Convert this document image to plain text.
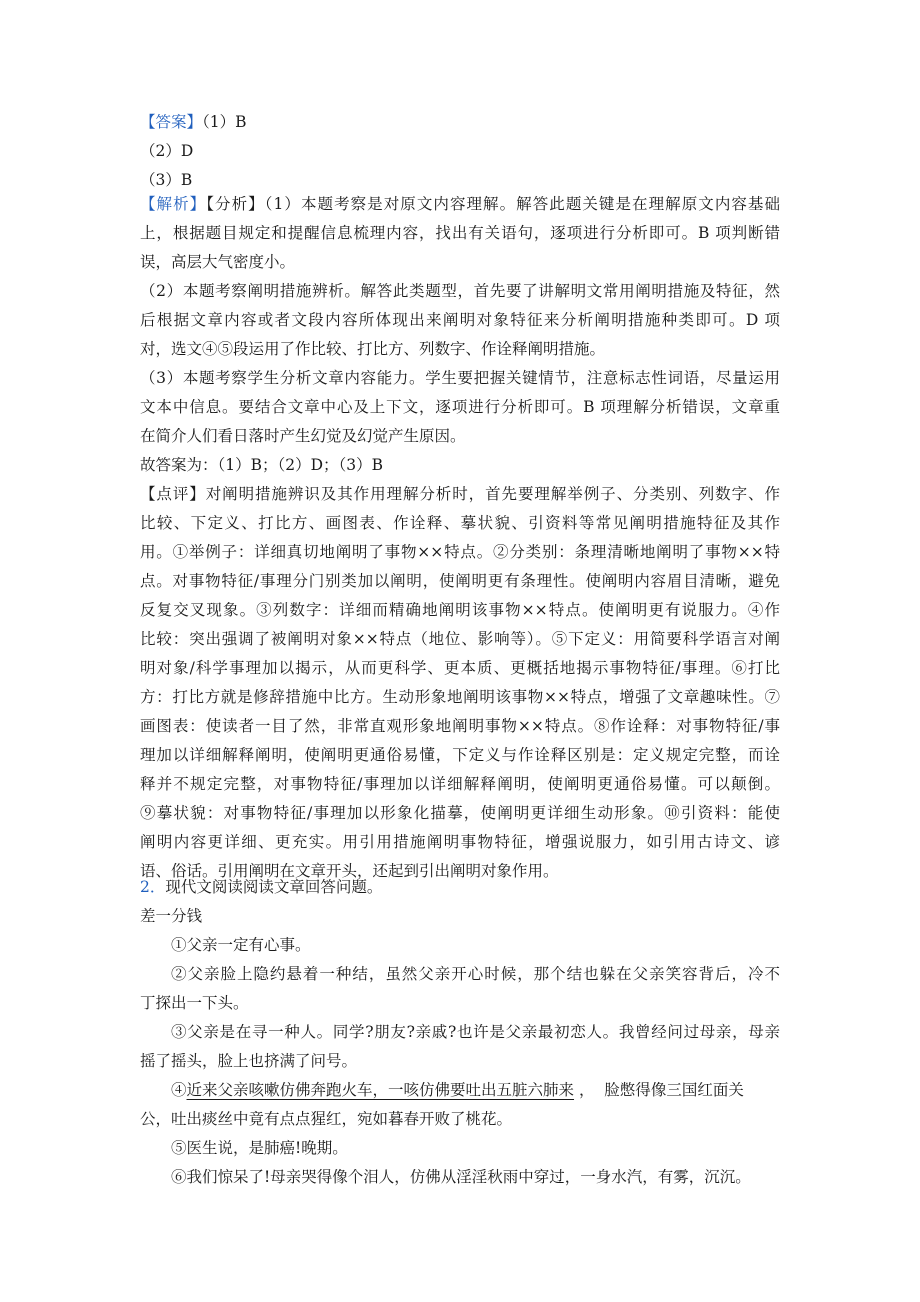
【答案】（1）B
（2）D
（3）B
【解析】【分析】（1）本题考察是对原文内容理解。解答此题关键是在理解原文内容基础
上，根据题目规定和提醒信息梳理内容，找出有关语句，逐项进行分析即可。B 项判断错
误，高层大气密度小。
（2）本题考察阐明措施辨析。解答此类题型，首先要了讲解明文常用阐明措施及特征，然
后根据文章内容或者文段内容所体现出来阐明对象特征来分析阐明措施种类即可。D 项
对，选文④⑤段运用了作比较、打比方、列数字、作诠释阐明措施。
（3）本题考察学生分析文章内容能力。学生要把握关键情节，注意标志性词语，尽量运用
文本中信息。要结合文章中心及上下文，逐项进行分析即可。B 项理解分析错误，文章重
在简介人们看日落时产生幻觉及幻觉产生原因。
故答案为：（1）B；（2）D；（3）B
【点评】对阐明措施辨识及其作用理解分析时，首先要理解举例子、分类别、列数字、作
比较、下定义、打比方、画图表、作诠释、摹状貌、引资料等常见阐明措施特征及其作
用。①举例子：详细真切地阐明了事物××特点。②分类别：条理清晰地阐明了事物××特
点。对事物特征/事理分门别类加以阐明，使阐明更有条理性。使阐明内容眉目清晰，避免
反复交叉现象。③列数字：详细而精确地阐明该事物××特点。使阐明更有说服力。④作
比较：突出强调了被阐明对象××特点（地位、影响等）。⑤下定义：用简要科学语言对阐
明对象/科学事理加以揭示，从而更科学、更本质、更概括地揭示事物特征/事理。⑥打比
方：打比方就是修辞措施中比方。生动形象地阐明该事物××特点，增强了文章趣味性。⑦
画图表：使读者一目了然，非常直观形象地阐明事物××特点。⑧作诠释：对事物特征/事
理加以详细解释阐明，使阐明更通俗易懂，下定义与作诠释区别是：定义规定完整，而诠
释并不规定完整，对事物特征/事理加以详细解释阐明，使阐明更通俗易懂。可以颠倒。
⑨摹状貌：对事物特征/事理加以形象化描摹，使阐明更详细生动形象。⑩引资料：能使
阐明内容更详细、更充实。用引用措施阐明事物特征，增强说服力，如引用古诗文、谚
语、俗话。引用阐明在文章开头，还起到引出阐明对象作用。
2．现代文阅读阅读文章回答问题。
差一分钱
①父亲一定有心事。
②父亲脸上隐约悬着一种结，虽然父亲开心时候，那个结也躲在父亲笑容背后，冷不
丁探出一下头。
③父亲是在寻一种人。同学?朋友?亲戚?也许是父亲最初恋人。我曾经问过母亲，母亲
摇了摇头，脸上也挤满了问号。
④近来父亲咳嗽仿佛奔跑火车，一咳仿佛要吐出五脏六肺来 ，  脸憋得像三国红面关
公，吐出痰丝中竟有点点猩红，宛如暮春开败了桃花。
⑤医生说，是肺癌!晚期。
⑥我们惊呆了!母亲哭得像个泪人，仿佛从淫淫秋雨中穿过，一身水汽，有雾，沉沉。
